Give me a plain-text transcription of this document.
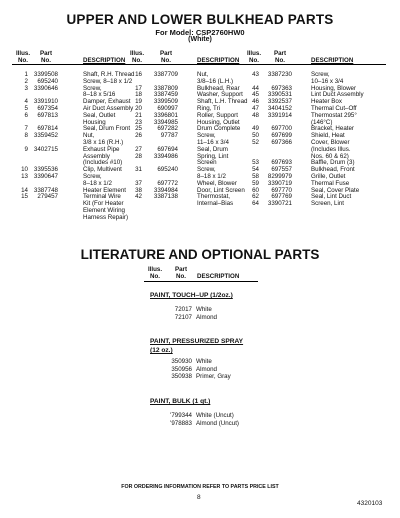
UPPER AND LOWER BULKHEAD PARTS
For Model: CSP2760HW0
(White)
Illus.
No.
Part
No.	DESCRIPTION
Illus.
No.
Part
No.	DESCRIPTION
Illus.
No.
Part
No.	DESCRIPTION
1 3399508	Shaft, R.H. Thread
2	695240	Screw, 8–18 x 1/2
3 3390646	Screw,
8–18 x 5/16
4 3391910	Damper, Exhaust
5	697354	Air Duct Assembly
6	697813	Seal, Outlet
Housing
7	697814	Seal, Drum Front
8 3359452	Nut,
3/8 x 16 (R.H.)
9 3402715	Exhaust Pipe
Assembly
(Includes #10)
10 3395536	Clip, Multivent
13 3390647	Screw,
8–18 x 1/2
14 3387748	Heater Element
15	279457	Terminal Wire
Kit (For Heater
Element Wiring
Harness Repair)
16	3387709	Nut,
3/8–16 (L.H.)
17	3387809	Bulkhead, Rear
18	3387459	Washer, Support
19	3399509	Shaft, L.H. Thread
20	690997	Ring, Tri
21	3396801	Roller, Support
23	3394985	Housing, Outlet
25	697282	Drum Complete
26	97787	Screw,
11–16 x 3/4
27	697694	Seal, Drum
28	3394986	Spring, Lint
Screen
31	695240	Screw,
8–18 x 1/2
37	697772	Wheel, Blower
38	3394984	Door, Lint Screen
42	3387138	Thermostat,
Internal–Bias
43	3387230	Screw,
10–16 x 3/4
44	697363	Housing, Blower
45	3390531	Lint Duct Assembly
46	3392537	Heater Box
47	3404152	Thermal Cut–Off
48	3391914	Thermostat 295°
(146°C)
49	697700	Bracket, Heater
50	697699	Shield, Heat
52	697366	Cover, Blower
(Includes Illus.
Nos. 60 & 62)
53	697693	Baffle, Drum (3)
54	697557	Bulkhead, Front
58	8299979	Grille, Outlet
59	3390719	Thermal Fuse
60	697770	Seal, Cover Plate
62	697769	Seal, Lint Duct
64	3390721	Screen, Lint
LITERATURE AND OPTIONAL PARTS
Illus.
No.
Part
No.	DESCRIPTION
PAINT, TOUCH–UP (1/2oz.)
72017 White
72107 Almond
PAINT, PRESSURIZED SPRAY
(12 oz.)
350930 White
350956 Almond
350938 Primer, Gray
PAINT, BULK (1 qt.)
'799344 White (Uncut)
'978883 Almond (Uncut)
FOR ORDERING INFORMATION REFER TO PARTS PRICE LIST
8
4320103
